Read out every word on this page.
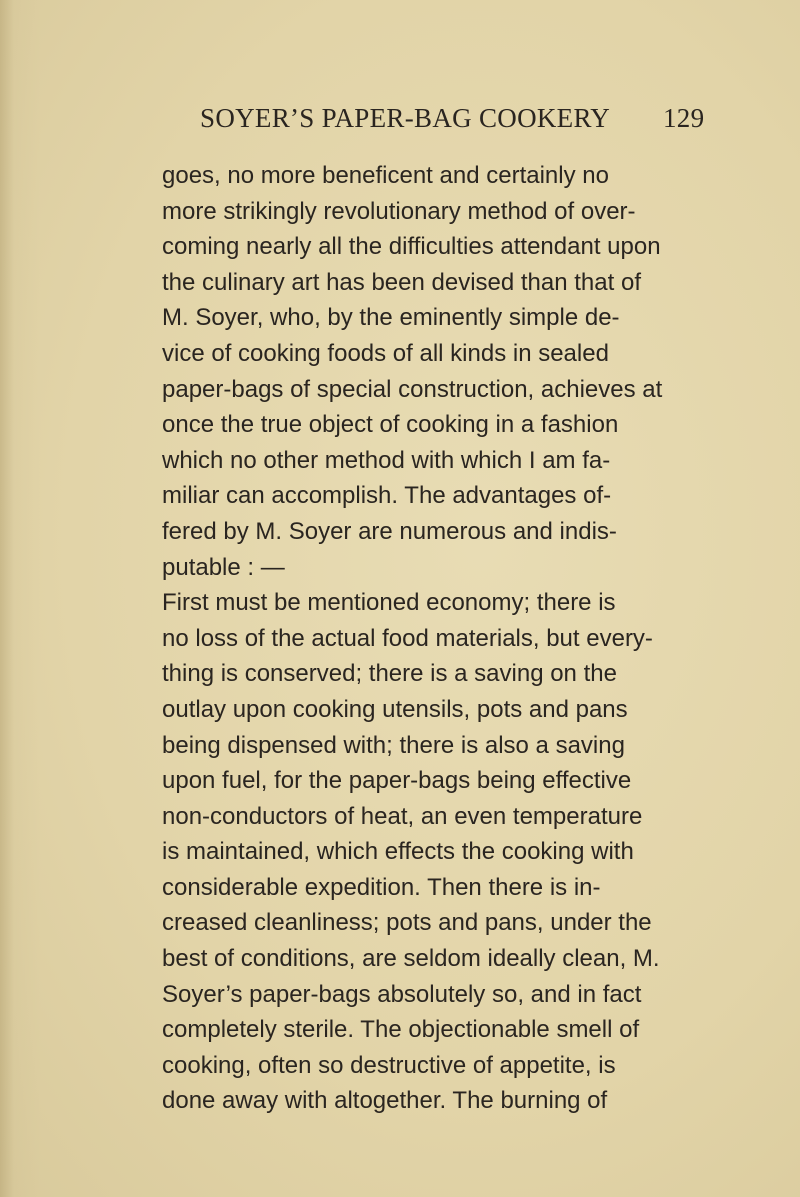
SOYER’S PAPER-BAG COOKERY 129
goes, no more beneficent and certainly no
more strikingly revolutionary method of over-
coming nearly all the difficulties attendant upon
the culinary art has been devised than that of
M. Soyer, who, by the eminently simple de-
vice of cooking foods of all kinds in sealed
paper-bags of special construction, achieves at
once the true object of cooking in a fashion
which no other method with which I am fa-
miliar can accomplish. The advantages of-
fered by M. Soyer are numerous and indis-
putable : —
First must be mentioned economy; there is
no loss of the actual food materials, but every-
thing is conserved; there is a saving on the
outlay upon cooking utensils, pots and pans
being dispensed with; there is also a saving
upon fuel, for the paper-bags being effective
non-conductors of heat, an even temperature
is maintained, which effects the cooking with
considerable expedition. Then there is in-
creased cleanliness; pots and pans, under the
best of conditions, are seldom ideally clean, M.
Soyer’s paper-bags absolutely so, and in fact
completely sterile. The objectionable smell of
cooking, often so destructive of appetite, is
done away with altogether. The burning of
